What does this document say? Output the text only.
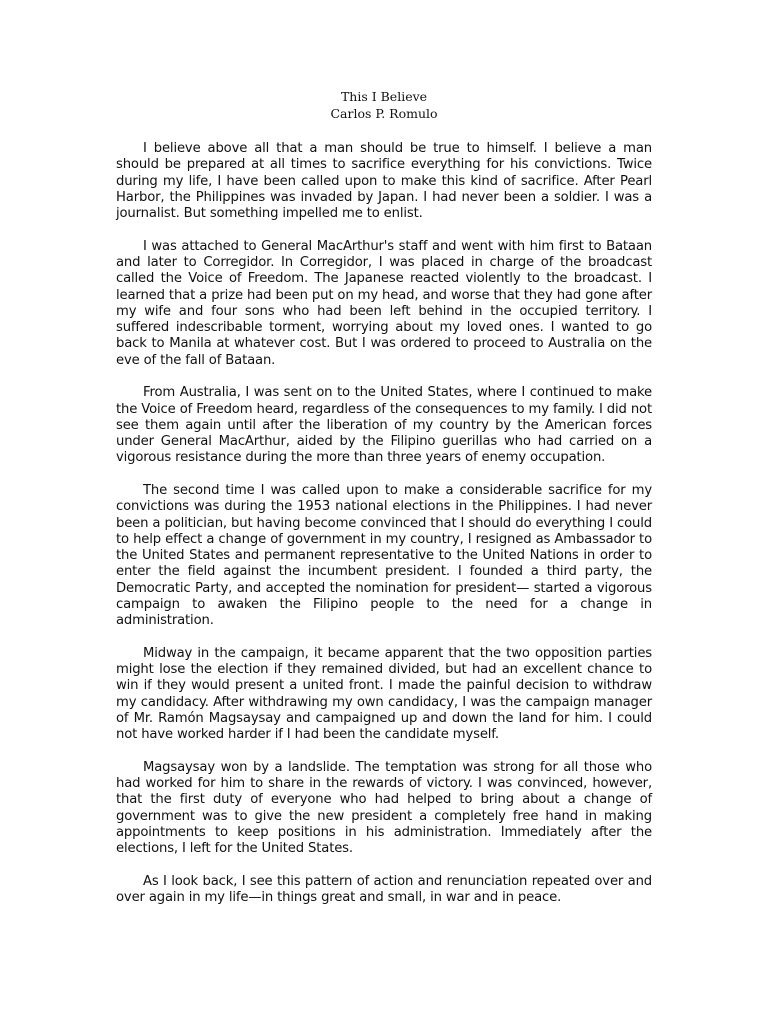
This I Believe
Carlos P. Romulo

I believe above all that a man should be true to himself. I believe a man should be prepared at all times to sacrifice everything for his convictions. Twice during my life, I have been called upon to make this kind of sacrifice. After Pearl Harbor, the Philippines was invaded by Japan. I had never been a soldier. I was a journalist. But something impelled me to enlist.

I was attached to General MacArthur's staff and went with him first to Bataan and later to Corregidor. In Corregidor, I was placed in charge of the broadcast called the Voice of Freedom. The Japanese reacted violently to the broadcast. I learned that a prize had been put on my head, and worse that they had gone after my wife and four sons who had been left behind in the occupied territory. I suffered indescribable torment, worrying about my loved ones. I wanted to go back to Manila at whatever cost. But I was ordered to proceed to Australia on the eve of the fall of Bataan.

From Australia, I was sent on to the United States, where I continued to make the Voice of Freedom heard, regardless of the consequences to my family. I did not see them again until after the liberation of my country by the American forces under General MacArthur, aided by the Filipino guerillas who had carried on a vigorous resistance during the more than three years of enemy occupation.

The second time I was called upon to make a considerable sacrifice for my convictions was during the 1953 national elections in the Philippines. I had never been a politician, but having become convinced that I should do everything I could to help effect a change of government in my country, I resigned as Ambassador to the United States and permanent representative to the United Nations in order to enter the field against the incumbent president. I founded a third party, the Democratic Party, and accepted the nomination for president— started a vigorous campaign to awaken the Filipino people to the need for a change in administration.

Midway in the campaign, it became apparent that the two opposition parties might lose the election if they remained divided, but had an excellent chance to win if they would present a united front. I made the painful decision to withdraw my candidacy. After withdrawing my own candidacy, I was the campaign manager of Mr. Ramón Magsaysay and campaigned up and down the land for him. I could not have worked harder if I had been the candidate myself.

Magsaysay won by a landslide. The temptation was strong for all those who had worked for him to share in the rewards of victory. I was convinced, however, that the first duty of everyone who had helped to bring about a change of government was to give the new president a completely free hand in making appointments to keep positions in his administration. Immediately after the elections, I left for the United States.

As I look back, I see this pattern of action and renunciation repeated over and over again in my life—in things great and small, in war and in peace.
